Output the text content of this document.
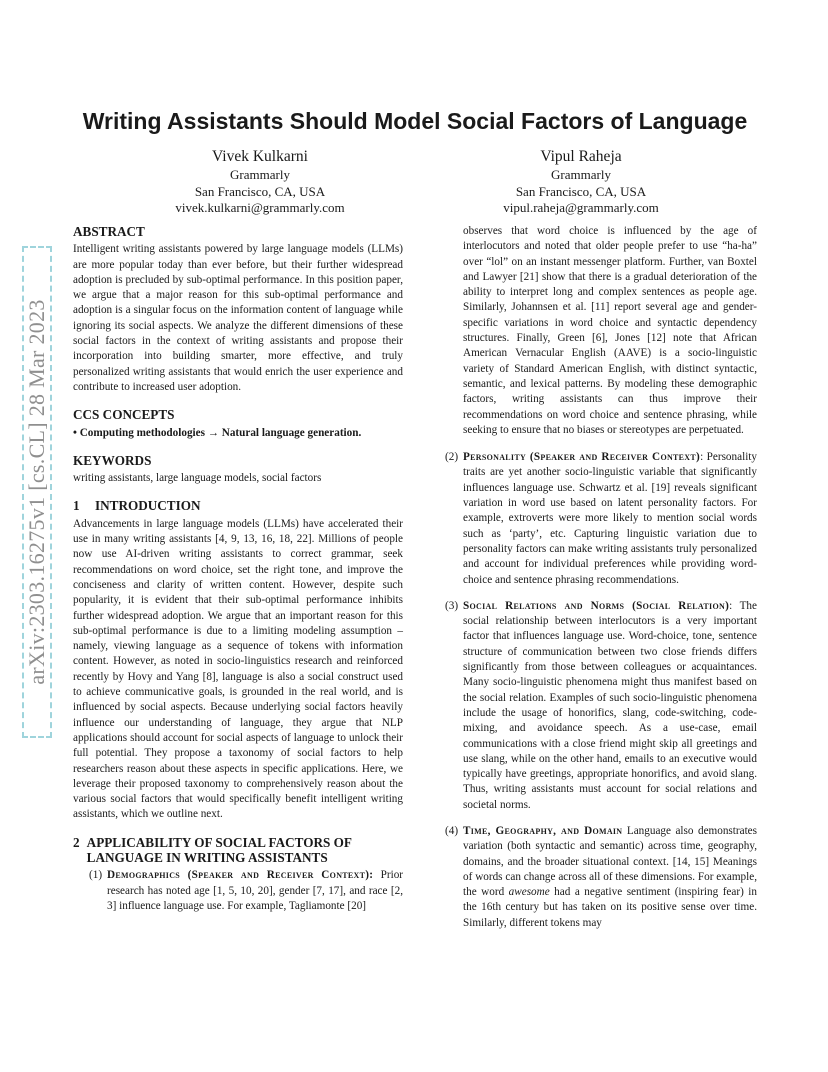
arXiv:2303.16275v1 [cs.CL] 28 Mar 2023
Writing Assistants Should Model Social Factors of Language
Vivek Kulkarni
Grammarly
San Francisco, CA, USA
vivek.kulkarni@grammarly.com
Vipul Raheja
Grammarly
San Francisco, CA, USA
vipul.raheja@grammarly.com
ABSTRACT

Intelligent writing assistants powered by large language models (LLMs) are more popular today than ever before, but their further widespread adoption is precluded by sub-optimal performance. In this position paper, we argue that a major reason for this sub-optimal performance and adoption is a singular focus on the information content of language while ignoring its social aspects. We analyze the different dimensions of these social factors in the context of writing assistants and propose their incorporation into building smarter, more effective, and truly personalized writing assistants that would enrich the user experience and contribute to increased user adoption.

CCS CONCEPTS

• Computing methodologies → Natural language generation.

KEYWORDS

writing assistants, large language models, social factors

1 INTRODUCTION

Advancements in large language models (LLMs) have accelerated their use in many writing assistants [4, 9, 13, 16, 18, 22]. Millions of people now use AI-driven writing assistants to correct grammar, seek recommendations on word choice, set the right tone, and improve the conciseness and clarity of written content. However, despite such popularity, it is evident that their sub-optimal performance inhibits further widespread adoption. We argue that an important reason for this sub-optimal performance is due to a limiting modeling assumption – namely, viewing language as a sequence of tokens with information content. However, as noted in socio-linguistics research and reinforced recently by Hovy and Yang [8], language is also a social construct used to achieve communicative goals, is grounded in the real world, and is influenced by social aspects. Because underlying social factors heavily influence our understanding of language, they argue that NLP applications should account for social aspects of language to unlock their full potential. They propose a taxonomy of social factors to help researchers reason about these aspects in specific applications. Here, we leverage their proposed taxonomy to comprehensively reason about the various social factors that would specifically benefit intelligent writing assistants, which we outline next.

2 APPLICABILITY OF SOCIAL FACTORS OF LANGUAGE IN WRITING ASSISTANTS
(1) Demographics (Speaker and Receiver Context): Prior research has noted age [1, 5, 10, 20], gender [7, 17], and race [2, 3] influence language use. For example, Tagliamonte [20]

observes that word choice is influenced by the age of interlocutors and noted that older people prefer to use “ha-ha” over “lol” on an instant messenger platform. Further, van Boxtel and Lawyer [21] show that there is a gradual deterioration of the ability to interpret long and complex sentences as people age. Similarly, Johannsen et al. [11] report several age and gender-specific variations in word choice and syntactic dependency structures. Finally, Green [6], Jones [12] note that African American Vernacular English (AAVE) is a socio-linguistic variety of Standard American English, with distinct syntactic, semantic, and lexical patterns. By modeling these demographic factors, writing assistants can thus improve their recommendations on word choice and sentence phrasing, while seeking to ensure that no biases or stereotypes are perpetuated.

(2) Personality (Speaker and Receiver Context): Personality traits are yet another socio-linguistic variable that significantly influences language use. Schwartz et al. [19] reveals significant variation in word use based on latent personality factors. For example, extroverts were more likely to mention social words such as ‘party’, etc. Capturing linguistic variation due to personality factors can make writing assistants truly personalized and account for individual preferences while providing word-choice and sentence phrasing recommendations.
(3) Social Relations and Norms (Social Relation): The social relationship between interlocutors is a very important factor that influences language use. Word-choice, tone, sentence structure of communication between two close friends differs significantly from those between colleagues or acquaintances. Many socio-linguistic phenomena might thus manifest based on the social relation. Examples of such socio-linguistic phenomena include the usage of honorifics, slang, code-switching, code-mixing, and avoidance speech. As a use-case, email communications with a close friend might skip all greetings and use slang, while on the other hand, emails to an executive would typically have greetings, appropriate honorifics, and avoid slang. Thus, writing assistants must account for social relations and societal norms.
(4) Time, Geography, and Domain Language also demonstrates variation (both syntactic and semantic) across time, geography, domains, and the broader situational context. [14, 15] Meanings of words can change across all of these dimensions. For example, the word awesome had a negative sentiment (inspiring fear) in the 16th century but has taken on its positive sense over time. Similarly, different tokens may
